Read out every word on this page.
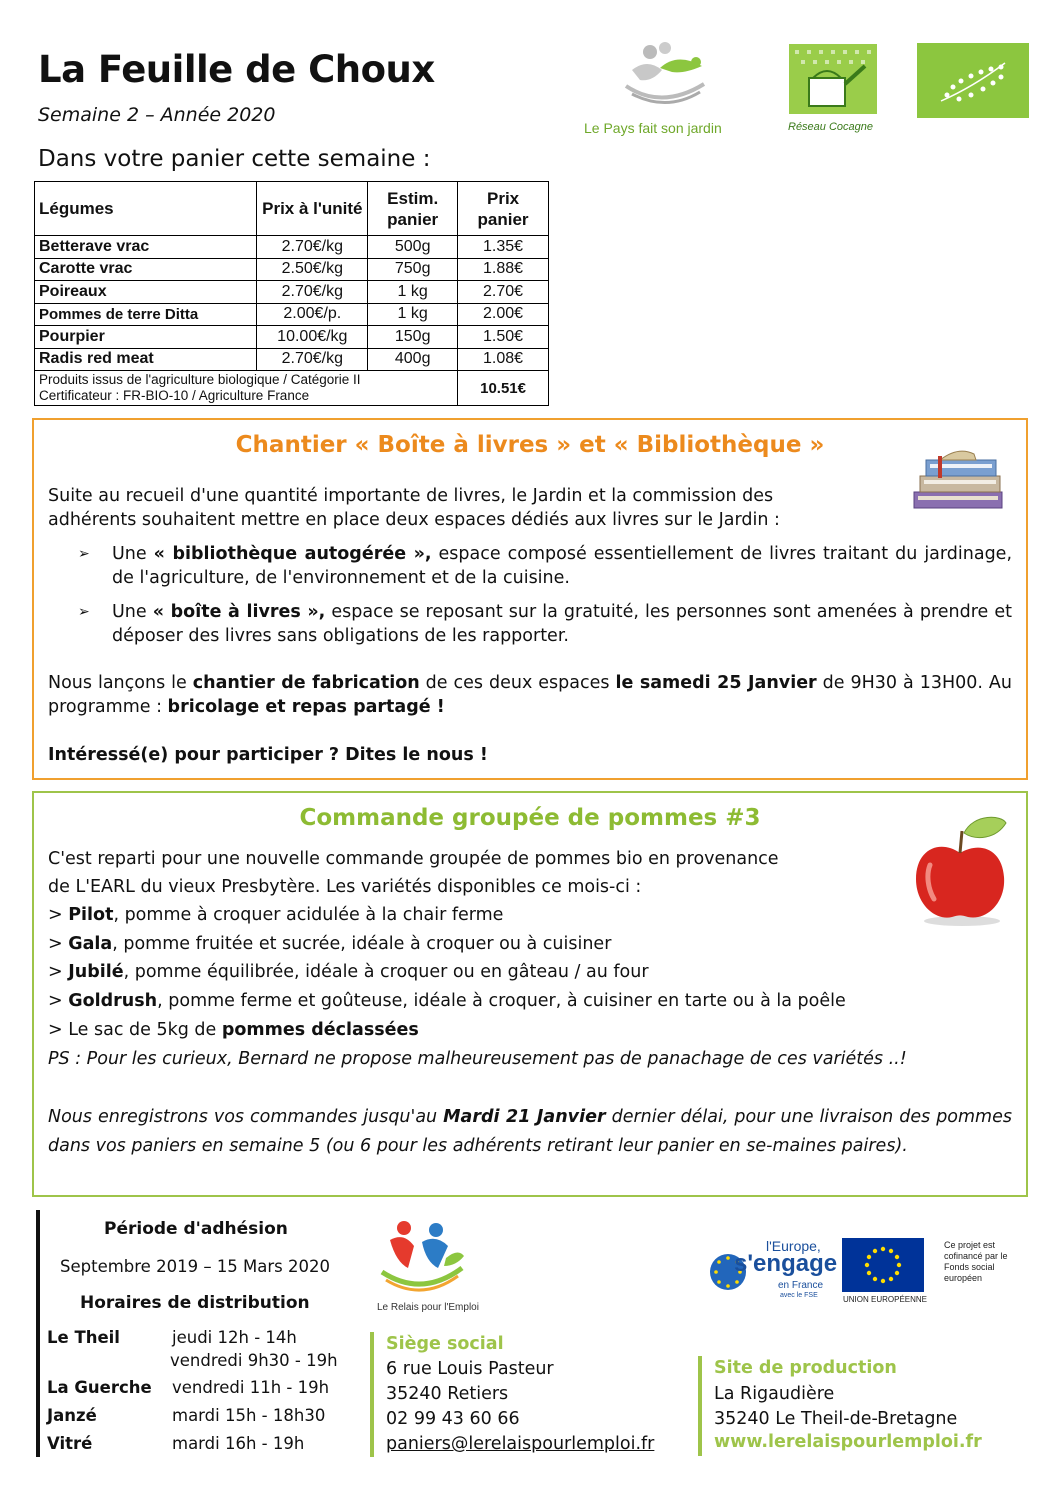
La Feuille de Choux
Semaine 2 – Année 2020
Dans votre panier cette semaine :
Le Pays fait son jardin	Réseau Cocagne
Légumes	Prix à l'unité	Estim. panier	Prix panier
Betterave vrac	2.70€/kg	500g	1.35€
Carotte vrac	2.50€/kg	750g	1.88€
Poireaux	2.70€/kg	1 kg	2.70€
Pommes de terre Ditta	2.00€/p.	1 kg	2.00€
Pourpier	10.00€/kg	150g	1.50€
Radis red meat	2.70€/kg	400g	1.08€

Produits issus de l'agriculture biologique / Catégorie II
Certificateur : FR-BIO-10 / Agriculture France			10.51€
Chantier « Boîte à livres » et « Bibliothèque »
Suite au recueil d'une quantité importante de livres, le Jardin et la commission des
adhérents souhaitent mettre en place deux espaces dédiés aux livres sur le Jardin :
➢ Une « bibliothèque autogérée », espace composé essentiellement de livres traitant du jardinage, de l'agriculture, de l'environnement et de la cuisine.
➢ Une « boîte à livres », espace se reposant sur la gratuité, les personnes sont amenées à prendre et déposer des livres sans obligations de les rapporter.
Nous lançons le chantier de fabrication de ces deux espaces le samedi 25 Janvier de 9H30 à 13H00. Au programme : bricolage et repas partagé !
Intéressé(e) pour participer ? Dites le nous !
Commande groupée de pommes #3
C'est reparti pour une nouvelle commande groupée de pommes bio en provenance
de L'EARL du vieux Presbytère. Les variétés disponibles ce mois-ci :
> Pilot, pomme à croquer acidulée à la chair ferme
> Gala, pomme fruitée et sucrée, idéale à croquer ou à cuisiner
> Jubilé, pomme équilibrée, idéale à croquer ou en gâteau / au four
> Goldrush, pomme ferme et goûteuse, idéale à croquer, à cuisiner en tarte ou à la poêle
> Le sac de 5kg de pommes déclassées
PS : Pour les curieux, Bernard ne propose malheureusement pas de panachage de ces variétés ..!
Nous enregistrons vos commandes jusqu'au Mardi 21 Janvier dernier délai, pour une livraison des pommes dans vos paniers en semaine 5 (ou 6 pour les adhérents retirant leur panier en se-maines paires).
Période d'adhésion
Septembre 2019 – 15 Mars 2020
Horaires de distribution
Le Theil	jeudi 12h - 14h
vendredi 9h30 - 19h
La Guerche vendredi 11h - 19h
Janzé	mardi 15h - 18h30
Vitré	mardi 16h - 19h
Le Relais pour l'Emploi
Siège social
6 rue Louis Pasteur
35240 Retiers
02 99 43 60 66
paniers@lerelaispourlemploi.fr
l'Europe,
s'engage
en France
avec le FSE	UNION EUROPÉENNE
Ce projet est cofinancé par le Fonds social européen
Site de production
La Rigaudière
35240 Le Theil-de-Bretagne
www.lerelaispourlemploi.fr
